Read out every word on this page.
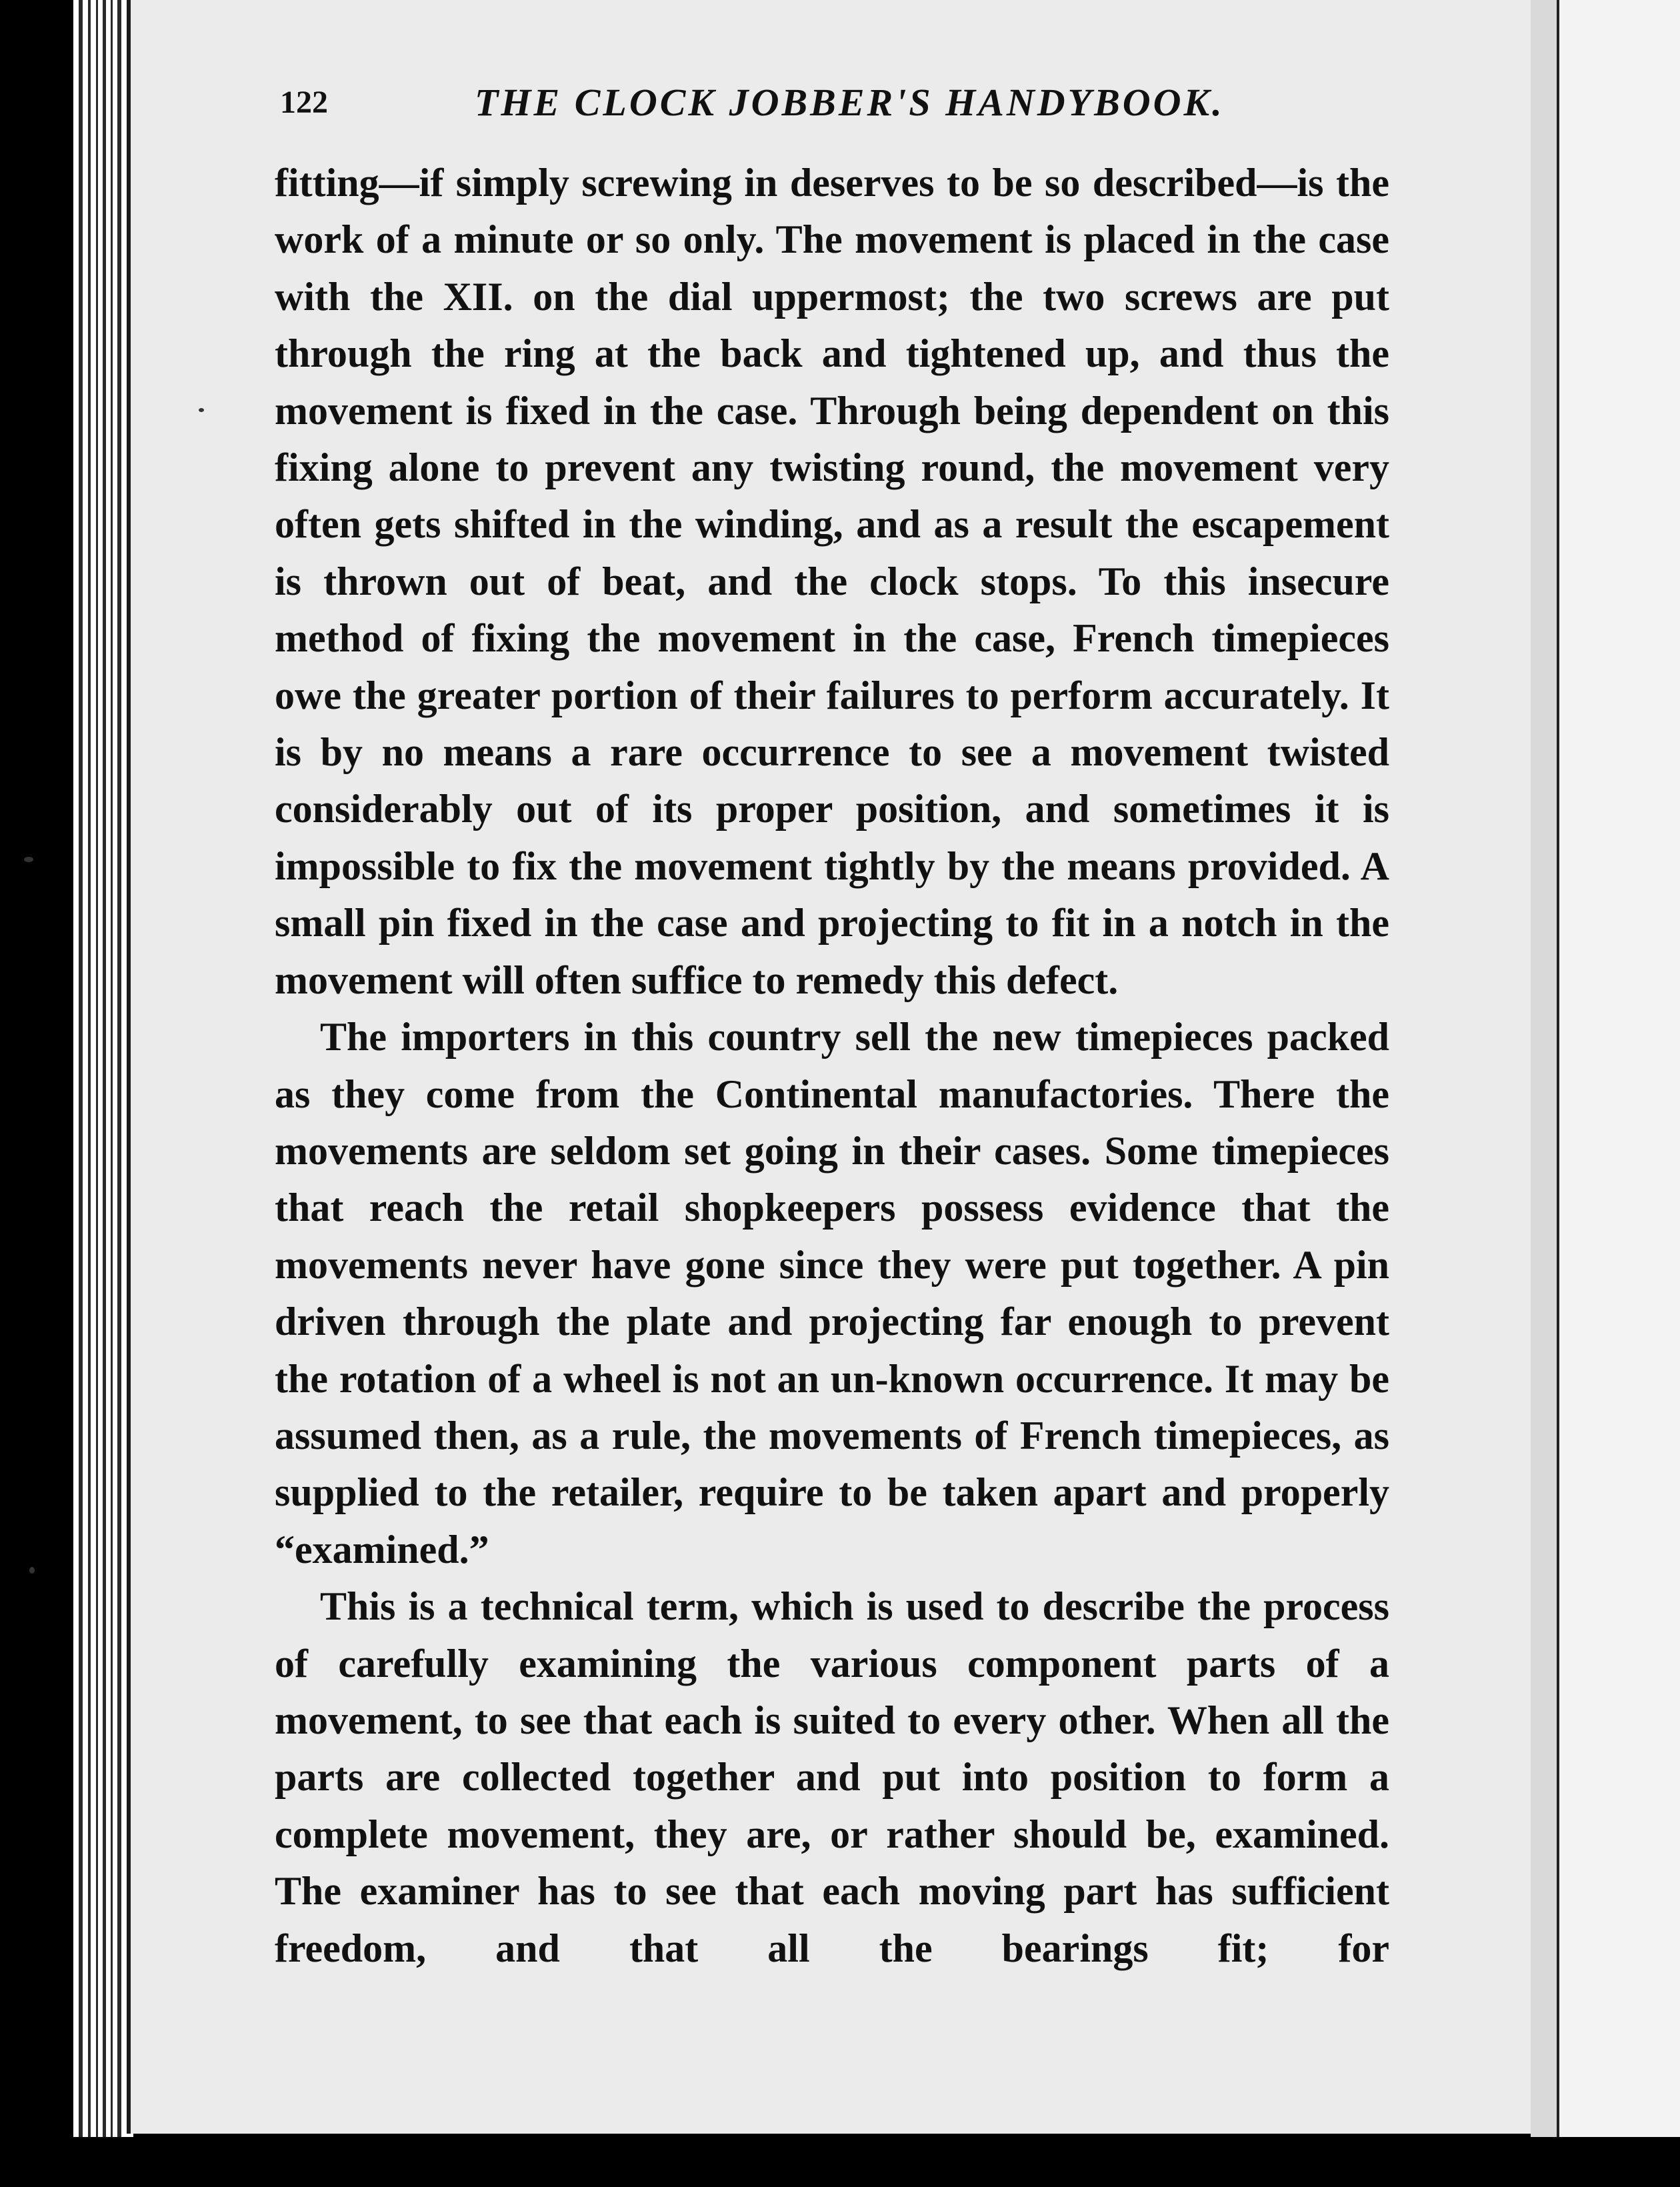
122	THE CLOCK JOBBER'S HANDYBOOK.

fitting—if simply screwing in deserves to be so described—is the work of a minute or so only. The movement is placed in the case with the XII. on the dial uppermost; the two screws are put through the ring at the back and tightened up, and thus the movement is fixed in the case. Through being dependent on this fixing alone to prevent any twisting round, the movement very often gets shifted in the winding, and as a result the escapement is thrown out of beat, and the clock stops. To this insecure method of fixing the movement in the case, French timepieces owe the greater portion of their failures to perform accurately. It is by no means a rare occurrence to see a movement twisted considerably out of its proper position, and sometimes it is impossible to fix the movement tightly by the means provided. A small pin fixed in the case and projecting to fit in a notch in the movement will often suffice to remedy this defect.

The importers in this country sell the new timepieces packed as they come from the Continental manufactories. There the movements are seldom set going in their cases. Some timepieces that reach the retail shopkeepers possess evidence that the movements never have gone since they were put together. A pin driven through the plate and projecting far enough to prevent the rotation of a wheel is not an un-known occurrence. It may be assumed then, as a rule, the movements of French timepieces, as supplied to the retailer, require to be taken apart and properly “examined.”

This is a technical term, which is used to describe the process of carefully examining the various component parts of a movement, to see that each is suited to every other. When all the parts are collected together and put into position to form a complete movement, they are, or rather should be, examined. The examiner has to see that each moving part has sufficient freedom, and that all the bearings fit; for
